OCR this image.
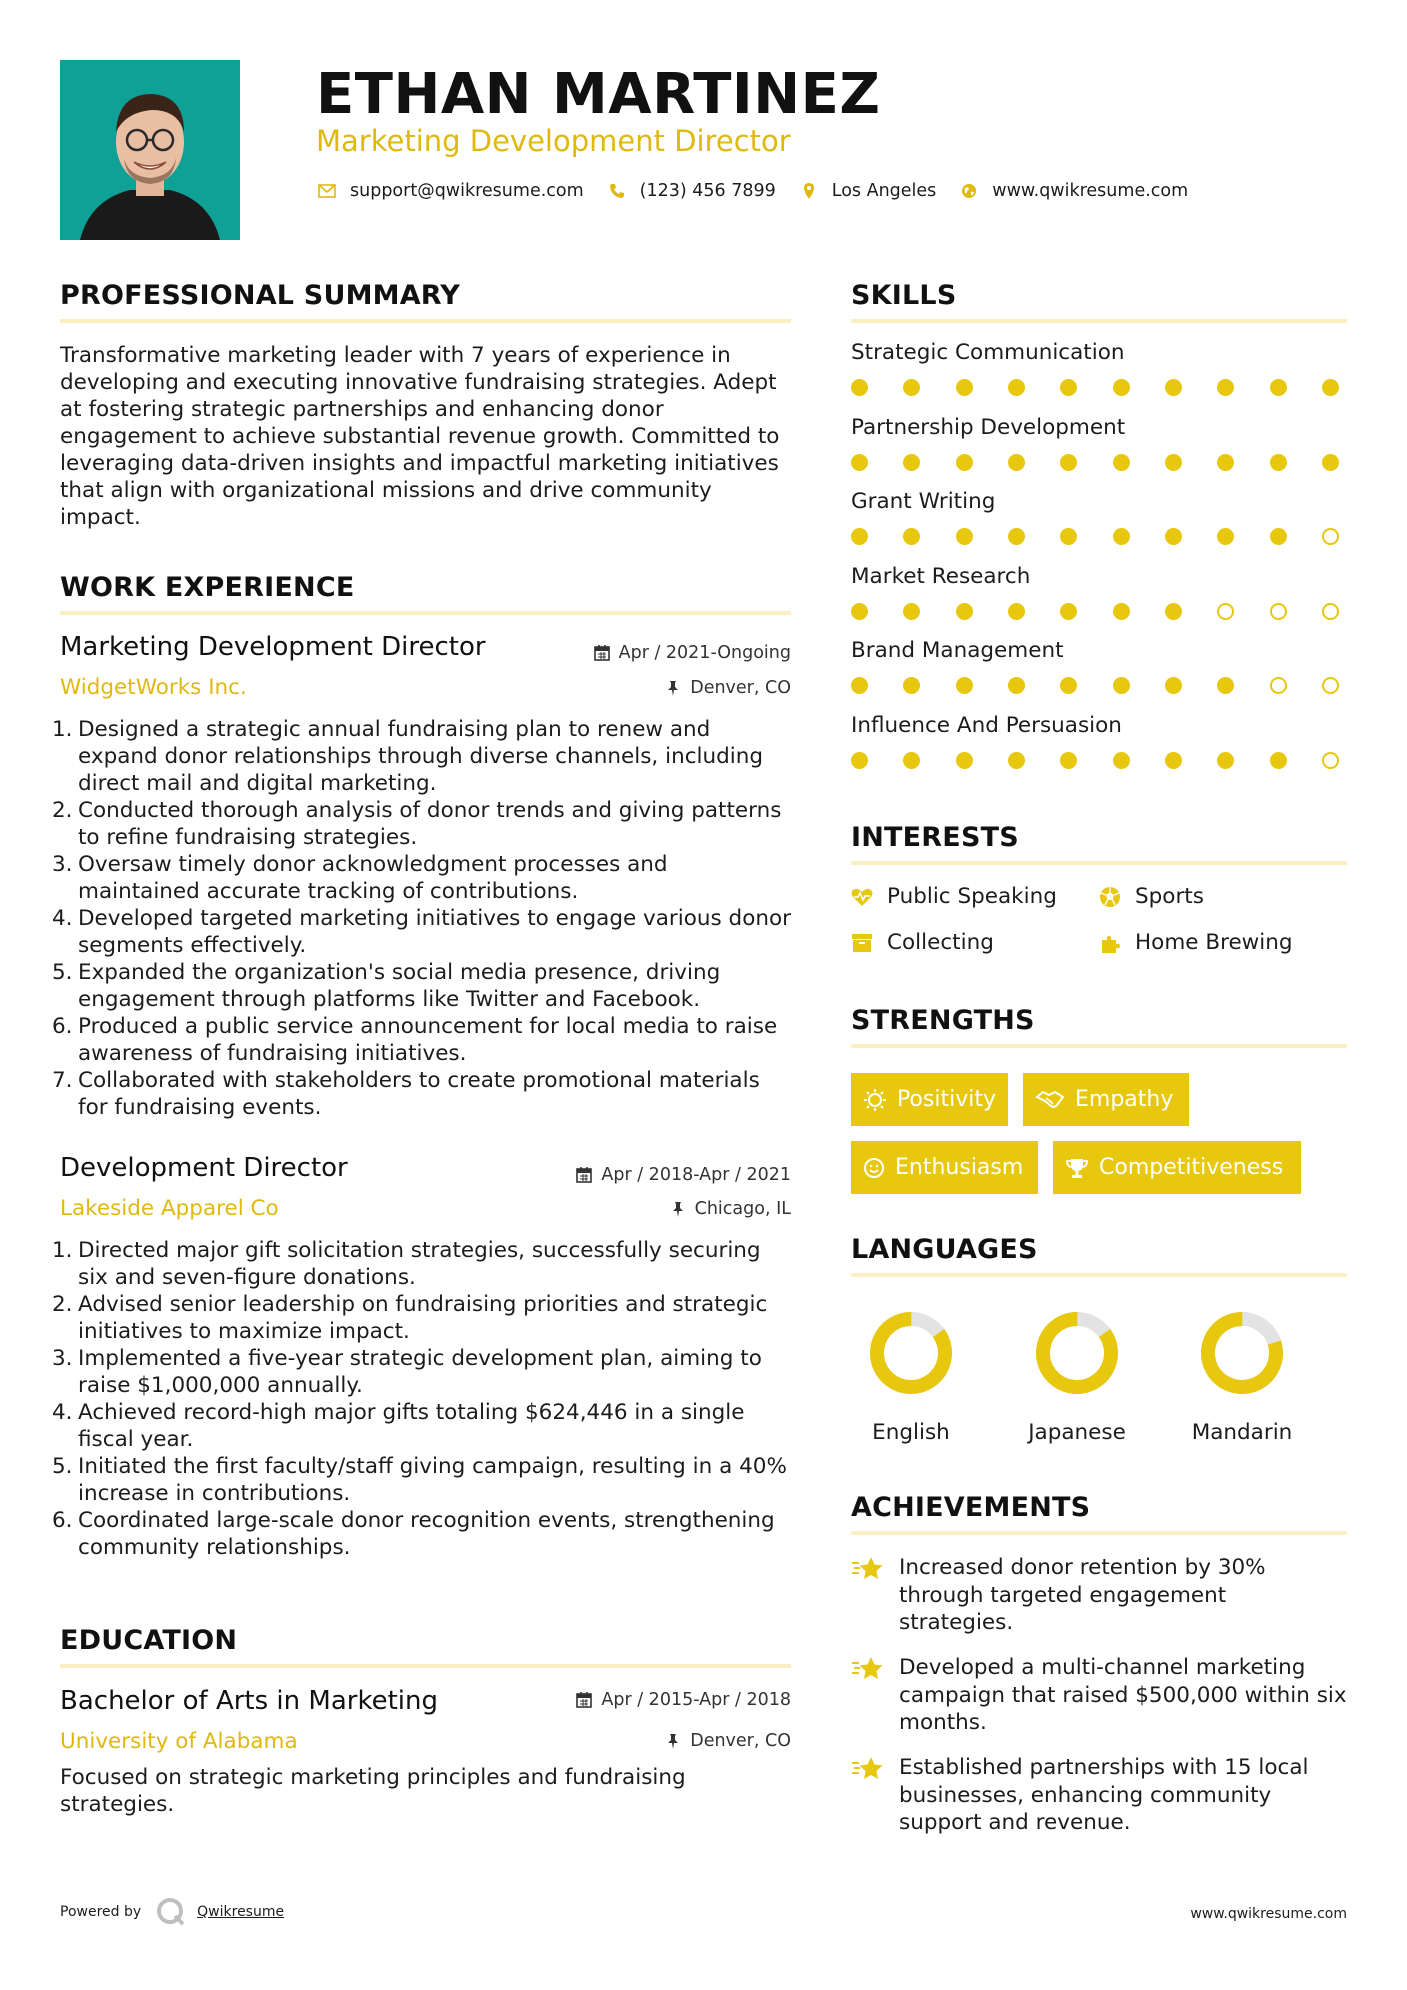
ETHAN MARTINEZ
Marketing Development Director
support@qwikresume.com	(123) 456 7899	Los Angeles	www.qwikresume.com
PROFESSIONAL SUMMARY
Transformative marketing leader with 7 years of experience in developing and executing innovative fundraising strategies. Adept at fostering strategic partnerships and enhancing donor engagement to achieve substantial revenue growth. Committed to leveraging data-driven insights and impactful marketing initiatives that align with organizational missions and drive community impact.
WORK EXPERIENCE
Marketing Development Director	Apr / 2021-Ongoing
WidgetWorks Inc.	Denver, CO
1. Designed a strategic annual fundraising plan to renew and expand donor relationships through diverse channels, including direct mail and digital marketing.
2. Conducted thorough analysis of donor trends and giving patterns to refine fundraising strategies.
3. Oversaw timely donor acknowledgment processes and maintained accurate tracking of contributions.
4. Developed targeted marketing initiatives to engage various donor segments effectively.
5. Expanded the organization's social media presence, driving engagement through platforms like Twitter and Facebook.
6. Produced a public service announcement for local media to raise awareness of fundraising initiatives.
7. Collaborated with stakeholders to create promotional materials for fundraising events.
Development Director	Apr / 2018-Apr / 2021
Lakeside Apparel Co	Chicago, IL
1. Directed major gift solicitation strategies, successfully securing six and seven-figure donations.
2. Advised senior leadership on fundraising priorities and strategic initiatives to maximize impact.
3. Implemented a five-year strategic development plan, aiming to raise $1,000,000 annually.
4. Achieved record-high major gifts totaling $624,446 in a single fiscal year.
5. Initiated the first faculty/staff giving campaign, resulting in a 40% increase in contributions.
6. Coordinated large-scale donor recognition events, strengthening community relationships.
EDUCATION
Bachelor of Arts in Marketing	Apr / 2015-Apr / 2018
University of Alabama	Denver, CO
Focused on strategic marketing principles and fundraising strategies.
SKILLS
Strategic Communication
Partnership Development
Grant Writing
Market Research
Brand Management
Influence And Persuasion
INTERESTS
Public Speaking	Sports
Collecting	Home Brewing
STRENGTHS
Positivity	Empathy
Enthusiasm	Competitiveness
LANGUAGES
English	Japanese	Mandarin
ACHIEVEMENTS
Increased donor retention by 30% through targeted engagement strategies.
Developed a multi-channel marketing campaign that raised $500,000 within six months.
Established partnerships with 15 local businesses, enhancing community support and revenue.
Powered by	Qwikresume	www.qwikresume.com
